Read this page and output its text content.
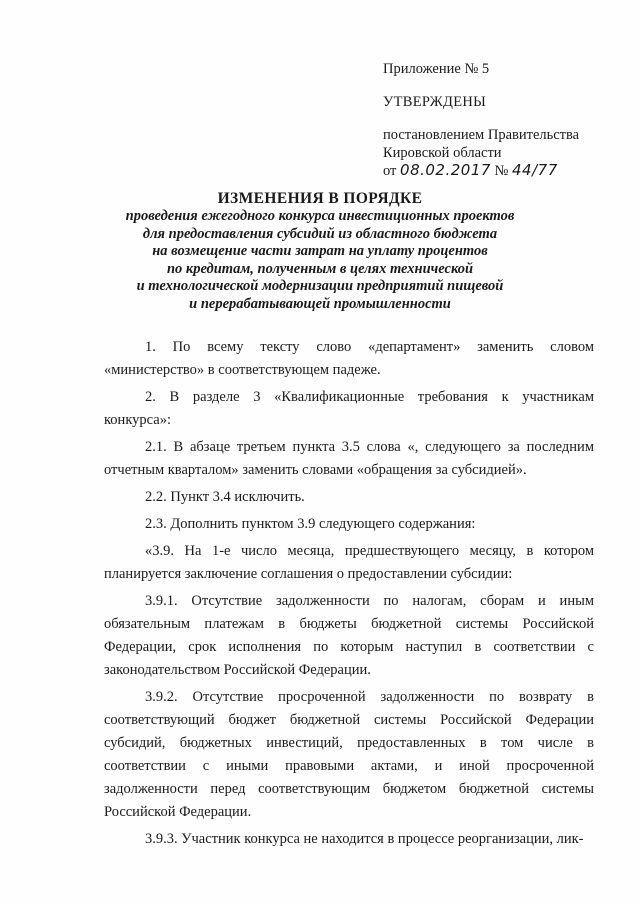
Приложение № 5
УТВЕРЖДЕНЫ
постановлением Правительства
Кировской области
от 08.02.2017 № 44/77
ИЗМЕНЕНИЯ В ПОРЯДКЕ
проведения ежегодного конкурса инвестиционных проектов
для предоставления субсидий из областного бюджета
на возмещение части затрат на уплату процентов
по кредитам, полученным в целях технической
и технологической модернизации предприятий пищевой
и перерабатывающей промышленности

1. По всему тексту слово «департамент» заменить словом «министерство» в соответствующем падеже.

2. В разделе 3 «Квалификационные требования к участникам конкурса»:

2.1. В абзаце третьем пункта 3.5 слова «, следующего за последним отчетным кварталом» заменить словами «обращения за субсидией».

2.2. Пункт 3.4 исключить.

2.3. Дополнить пунктом 3.9 следующего содержания:

«3.9. На 1-е число месяца, предшествующего месяцу, в котором планируется заключение соглашения о предоставлении субсидии:

3.9.1. Отсутствие задолженности по налогам, сборам и иным обязательным платежам в бюджеты бюджетной системы Российской Федерации, срок исполнения по которым наступил в соответствии с законодательством Российской Федерации.

3.9.2. Отсутствие просроченной задолженности по возврату в соответствующий бюджет бюджетной системы Российской Федерации субсидий, бюджетных инвестиций, предоставленных в том числе в соответствии с иными правовыми актами, и иной просроченной задолженности перед соответствующим бюджетом бюджетной системы Российской Федерации.

3.9.3. Участник конкурса не находится в процессе реорганизации, лик-
